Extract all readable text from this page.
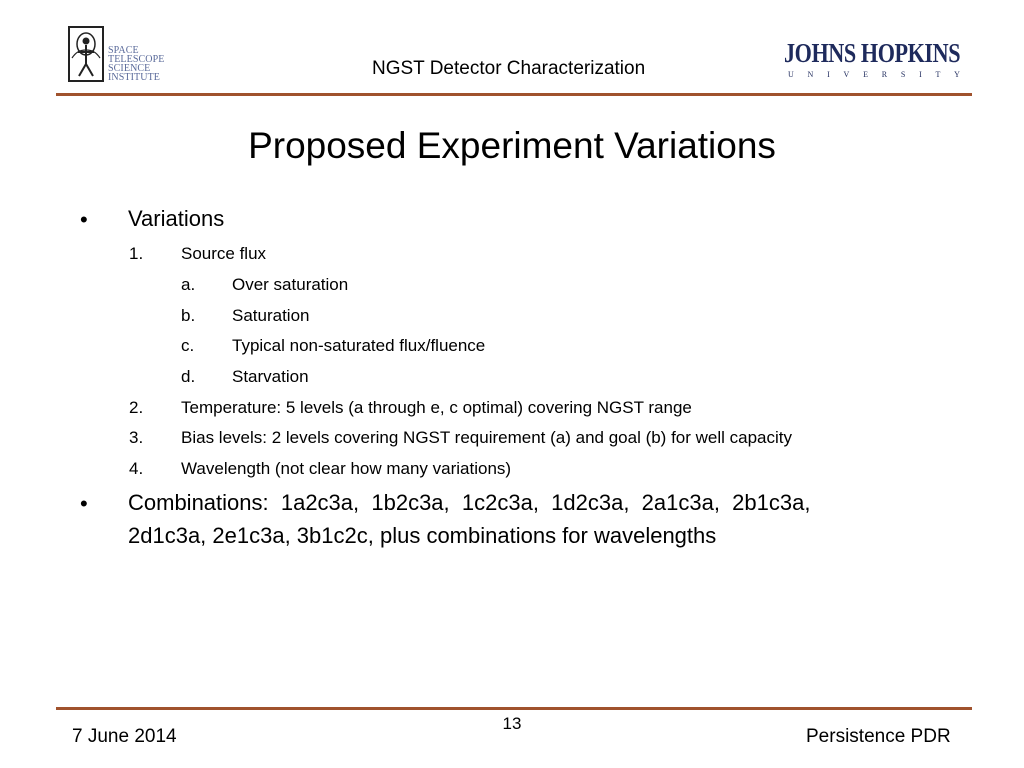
SPACE
TELESCOPE
SCIENCE
INSTITUTE	NGST Detector Characterization
JOHNS HOPKINS
U N I V E R S I T Y
Proposed Experiment Variations
• Variations
1. Source flux
a. Over saturation
b. Saturation
c. Typical non-saturated flux/fluence
d. Starvation
2. Temperature: 5 levels (a through e, c optimal) covering NGST range
3. Bias levels: 2 levels covering NGST requirement (a) and goal (b) for well capacity
4. Wavelength (not clear how many variations)
• Combinations:  1a2c3a,  1b2c3a,  1c2c3a,  1d2c3a,  2a1c3a,  2b1c3a,
2d1c3a, 2e1c3a, 3b1c2c, plus combinations for wavelengths
7 June 2014
13
Persistence PDR
